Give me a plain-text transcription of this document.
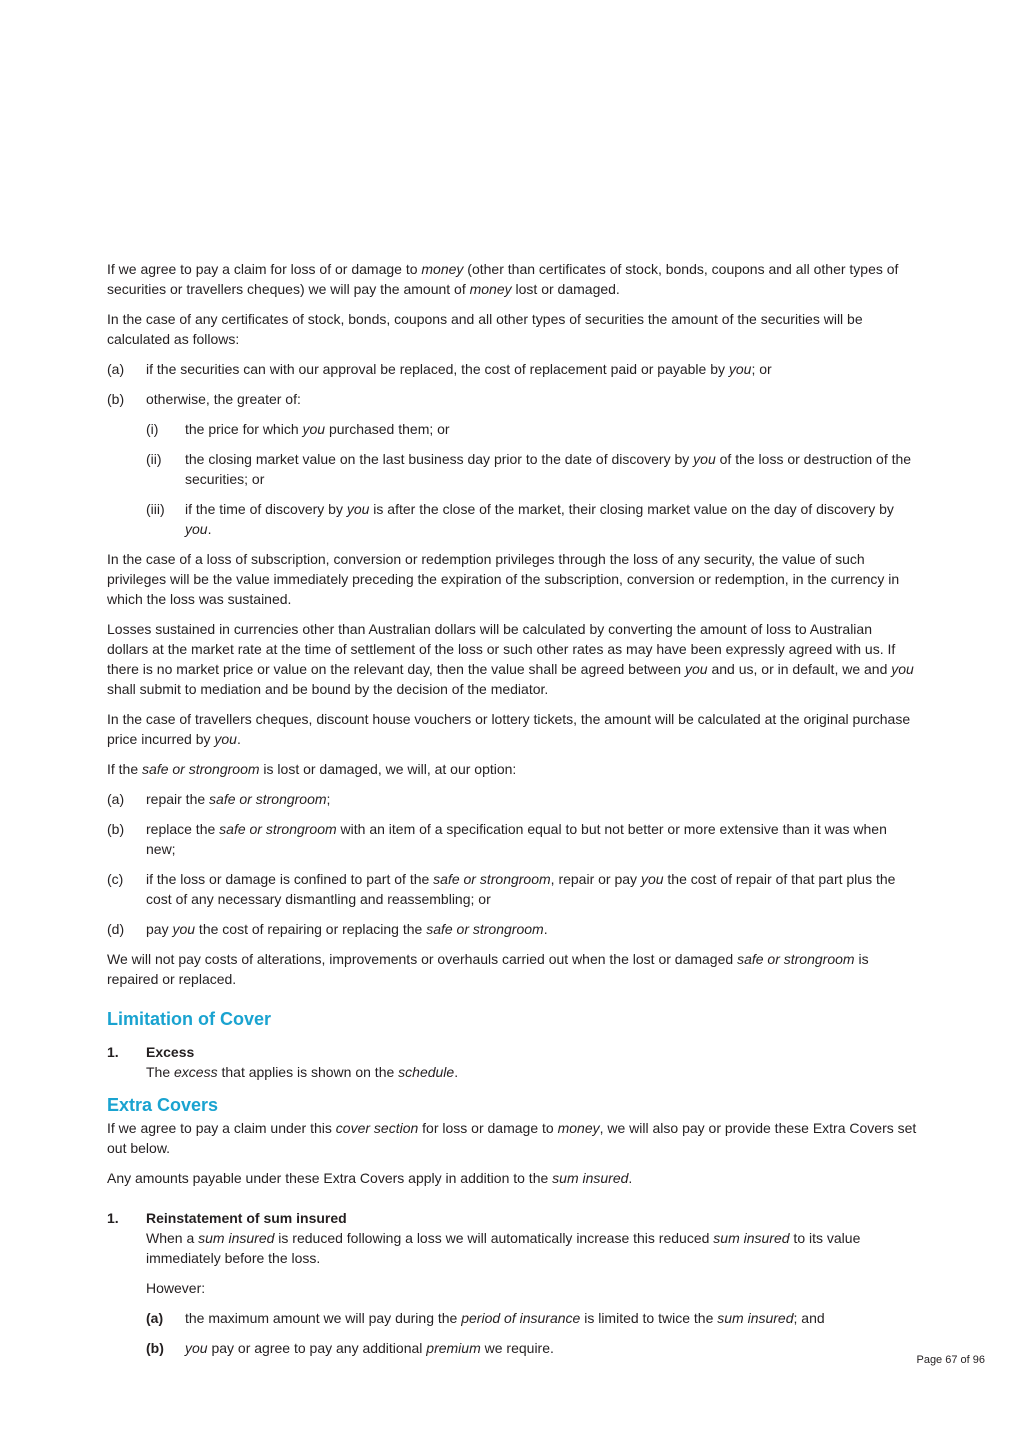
If we agree to pay a claim for loss of or damage to money (other than certificates of stock, bonds, coupons and all other types of securities or travellers cheques) we will pay the amount of money lost or damaged.

In the case of any certificates of stock, bonds, coupons and all other types of securities the amount of the securities will be calculated as follows:

(a)	if the securities can with our approval be replaced, the cost of replacement paid or payable by you; or
(b)	otherwise, the greater of:
(i)	the price for which you purchased them; or
(ii)	the closing market value on the last business day prior to the date of discovery by you of the loss or destruction of the securities; or
(iii)	if the time of discovery by you is after the close of the market, their closing market value on the day of discovery by you.

In the case of a loss of subscription, conversion or redemption privileges through the loss of any security, the value of such privileges will be the value immediately preceding the expiration of the subscription, conversion or redemption, in the currency in which the loss was sustained.

Losses sustained in currencies other than Australian dollars will be calculated by converting the amount of loss to Australian dollars at the market rate at the time of settlement of the loss or such other rates as may have been expressly agreed with us. If there is no market price or value on the relevant day, then the value shall be agreed between you and us, or in default, we and you shall submit to mediation and be bound by the decision of the mediator.

In the case of travellers cheques, discount house vouchers or lottery tickets, the amount will be calculated at the original purchase price incurred by you.

If the safe or strongroom is lost or damaged, we will, at our option:

(a)	repair the safe or strongroom;
(b)	replace the safe or strongroom with an item of a specification equal to but not better or more extensive than it was when new;
(c)	if the loss or damage is confined to part of the safe or strongroom, repair or pay you the cost of repair of that part plus the cost of any necessary dismantling and reassembling; or
(d)	pay you the cost of repairing or replacing the safe or strongroom.

We will not pay costs of alterations, improvements or overhauls carried out when the lost or damaged safe or strongroom is repaired or replaced.

Limitation of Cover
1.	Excess
The excess that applies is shown on the schedule.
Extra Covers

If we agree to pay a claim under this cover section for loss or damage to money, we will also pay or provide these Extra Covers set out below.

Any amounts payable under these Extra Covers apply in addition to the sum insured.

1.	Reinstatement of sum insured

When a sum insured is reduced following a loss we will automatically increase this reduced sum insured to its value immediately before the loss.

However:

(a)	the maximum amount we will pay during the period of insurance is limited to twice the sum insured; and
(b)	you pay or agree to pay any additional premium we require.
Page 67 of 96
